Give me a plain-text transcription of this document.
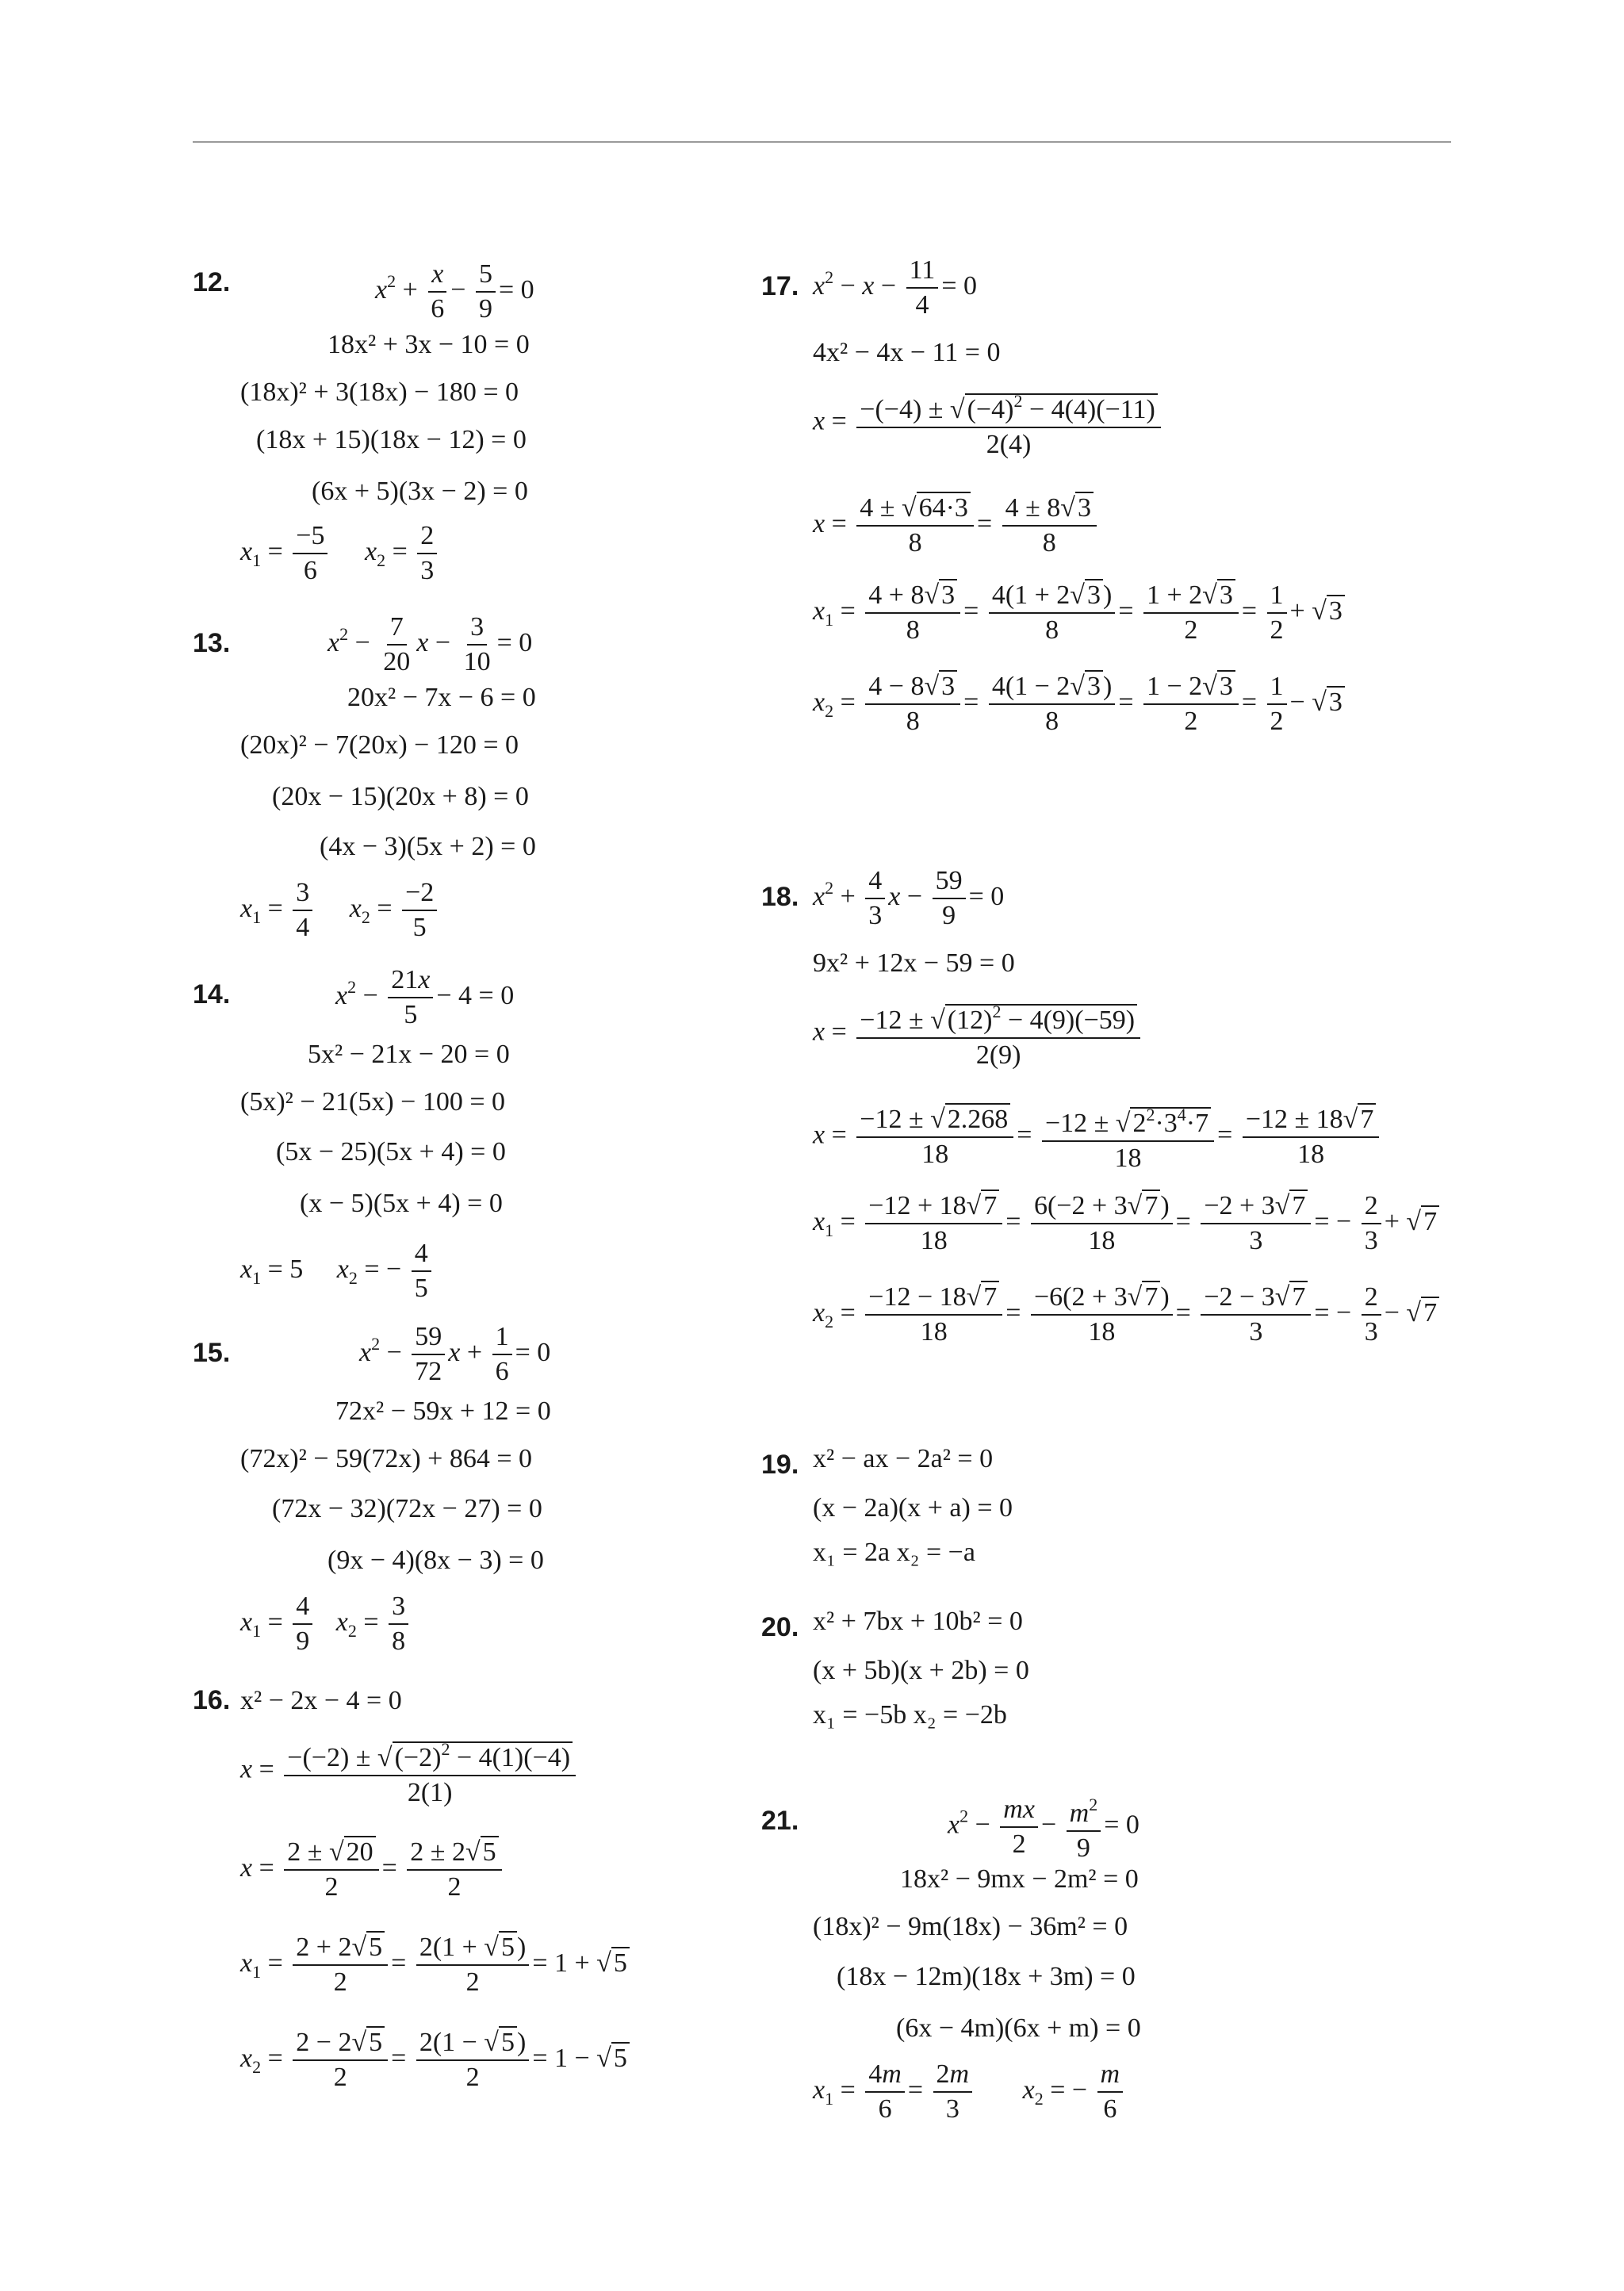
12.	$x^2 + \frac{x}{6} - \frac{5}{9} = 0$
18x² + 3x − 10 = 0
(18x)² + 3(18x) − 180 = 0
(18x + 15)(18x − 12) = 0
(6x + 5)(3x − 2) = 0
$x_1 = \frac{-5}{6} x_2 = \frac{2}{3}$
13.	$x^2 - \frac{7}{20}$ $x - \frac{3}{10} = 0$
20x² − 7x − 6 = 0
(20x)² − 7(20x) − 120 = 0
(20x − 15)(20x + 8) = 0
(4x − 3)(5x + 2) = 0
$x_1 = \frac{3}{4} x_2 = \frac{-2}{5}$
14.	$x^2 - \frac{21x}{5} - 4 = 0$
5x² − 21x − 20 = 0
(5x)² − 21(5x) − 100 = 0
(5x − 25)(5x + 4) = 0
(x − 5)(5x + 4) = 0
$x_1 = 5$     $x_2$ = − $\frac{4}{5}$
15.	$x^2 - \frac{59}{72}$ $x + \frac{1}{6} = 0$
72x² − 59x + 12 = 0
(72x)² − 59(72x) + 864 = 0
(72x − 32)(72x − 27) = 0
(9x − 4)(8x − 3) = 0
$x_1 = \frac{4}{9} x_2 = \frac{3}{8}$
16. x² − 2x − 4 = 0
$x = \frac{-(-2) \pm √(-2)^2 - 4(1)(-4)}{2(1)}$
$x = \frac{2 \pm √20}{2} = \frac{2 \pm 2√5}{2}$
$x_1 = \frac{2 + 2√5}{2} = \frac{2(1 + √5)}{2} = 1 + √5$
$x_2 = \frac{2 - 2√5}{2} = \frac{2(1 - √5)}{2} = 1 - √5$
17. $x^2 - x - \frac{11}{4} = 0$
4x² − 4x − 11 = 0
$x = \frac{-(-4) \pm √(-4)^2 - 4(4)(-11)}{2(4)}$
$x = \frac{4 \pm √64\cdot 3}{8} = \frac{4 \pm 8√3}{8}$
$x_1 = \frac{4 + 8√3}{8} = \frac{4(1 + 2√3)}{8} = \frac{1 + 2√3}{2} = \frac{1}{2} + √3$
$x_2 = \frac{4 - 8√3}{8} = \frac{4(1 - 2√3)}{8} = \frac{1 - 2√3}{2} = \frac{1}{2} - √3$
18. $x^2 + \frac{4}{3}$ $x - \frac{59}{9} = 0$
9x² + 12x − 59 = 0
$x = \frac{-12 \pm √(12)^2 - 4(9)(-59)}{2(9)}$
$x = \frac{-12 \pm √2.268}{18} = \frac{-12 \pm √2^2\cdot 3^4\cdot 7}{18} = \frac{-12 \pm 18√7}{18}$
$x_1 = \frac{-12 + 18√7}{18} = \frac{6(-2 + 3√7)}{18} = \frac{-2 + 3√7}{3}$ = − $\frac{2}{3} + √7$
$x_2 = \frac{-12 - 18√7}{18} = \frac{-6(2 + 3√7)}{18} = \frac{-2 - 3√7}{3}$ = − $\frac{2}{3} - √7$
19. x² − ax − 2a² = 0
(x − 2a)(x + a) = 0
x₁ = 2a x₂ = −a
20. x² + 7bx + 10b² = 0
(x + 5b)(x + 2b) = 0
x₁ = −5b x₂ = −2b
21.	$x^2 - \frac{mx}{2} - \frac{m^2}{9} = 0$
18x² − 9mx − 2m² = 0
(18x)² − 9m(18x) − 36m² = 0
(18x − 12m)(18x + 3m) = 0
(6x − 4m)(6x + m) = 0
$x_1 = \frac{4m}{6} = \frac{2m}{3} x_2$ = − $\frac{m}{6}$
